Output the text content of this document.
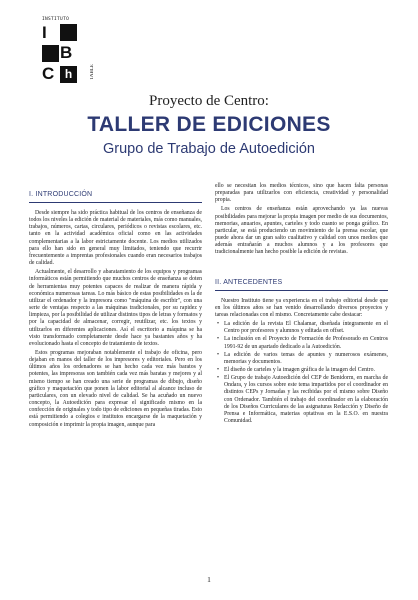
INSTITUTO
I
B
C h	TABLE
Proyecto de Centro:
TALLER DE EDICIONES
Grupo de Trabajo de Autoedición
I. INTRODUCCIÓN

Desde siempre ha sido práctica habitual de los centros de enseñanza de todos los niveles la edición de material de materiales, más como manuales, trabajos, números, cartas, circulares, periódicos o revistas escolares, etc. tanto en la actividad académica oficial como en las actividades complementarias a la labor estrictamente docente. Los medios utilizados para ello han sido en general muy limitados, teniendo que recurrir frecuentemente a imprentas profesionales cuando eran necesarios trabajos de calidad.

Actualmente, el desarrollo y abaratamiento de los equipos y programas informáticos están permitiendo que muchos centros de enseñanza se doten de herramientas muy potentes capaces de realizar de manera rápida y económica numerosas tareas. Lo más básico de estas posibilidades es la de utilizar el ordenador y la impresora como "máquina de escribir", con una serie de ventajas respecto a las máquinas tradicionales, por su rapidez y limpieza, por la posibilidad de utilizar distintos tipos de letras y formatos y por la capacidad de almacenar, corregir, reutilizar, etc. los textos y utilizarlos en diferentes aplicaciones. Así el escritorio a máquina se ha visto transformado completamente desde hace ya bastantes años y ha evolucionado hasta el concepto de tratamiento de textos.

Estos programas mejoraban notablemente el trabajo de oficina, pero dejaban en manos del taller de los impresores y editoriales. Pero en los últimos años los ordenadores se han hecho cada vez más baratos y potentes, las impresoras son también cada vez más baratas y mejores y al mismo tiempo se han creado una serie de programas de dibujo, diseño gráfico y maquetación que ponen la labor editorial al alcance incluso de particulares, con un elevado nivel de calidad. Se ha acuñado un nuevo concepto, la Autoedición para expresar el significado mismo en la confección de originales y todo tipo de ediciones en pequeñas tiradas. Esto está permitiendo a colegios e institutos encargarse de la maquetación y composición e imprimir la propia imagen, aunque para

ello se necesitan los medios técnicos, sino que hacen falta personas preparadas para utilizarlos con eficiencia, creatividad y personalidad propia.

Los centros de enseñanza están aprovechando ya las nuevas posibilidades para mejorar la propia imagen por medio de sus documentos, memorias, anuarios, apuntes, carteles y todo cuanto se ponga gráfico. En particular, se está produciendo un movimiento de la prensa escolar, que puede ahora dar un gran salto cualitativo y calidad con unos medios que además entrañarán a muchos alumnos y a los profesores que tradicionalmente han hecho posible la edición de revistas.

II. ANTECEDENTES

Nuestro Instituto tiene ya experiencia en el trabajo editorial desde que en los últimos años se han venido desarrollando diversos proyectos y tareas relacionadas con el mismo. Concretamente cabe destacar:

• La edición de la revista El Chalamar, diseñada íntegramente en el Centro por profesores y alumnos y editada en offset.
• La inclusión en el Proyecto de Formación de Profesorado en Centros 1991-92 de un apartado dedicado a la Autoedición.
• La edición de varios temas de apuntes y numerosos exámenes, memorias y documentos.
• El diseño de carteles y la imagen gráfica de la imagen del Centro.
• El Grupo de trabajo Autoedición del CEP de Benidorm, en marcha de Ondara, y los cursos sobre este tema impartidos por el coordinador en distintos CEPs y Jornadas y las recibidas por el mismo sobre Diseño con Ordenador. También el trabajo del coordinador en la elaboración de los Diseños Curriculares de las asignaturas Redacción y Diseño de Prensa e Informática, materias optativas en la E.S.O. en nuestra Comunidad.
1
